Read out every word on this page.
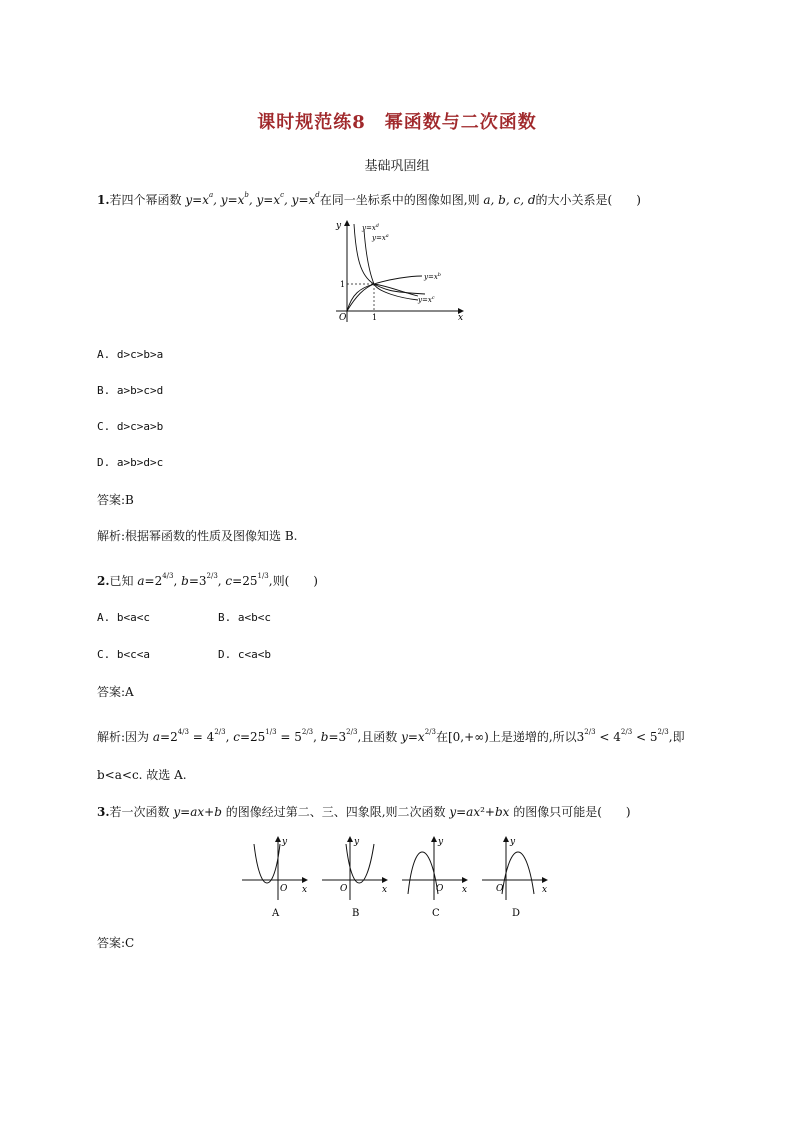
课时规范练8　幂函数与二次函数
基础巩固组
1.若四个幂函数 $y=x^a$, $y=x^b$, $y=x^c$, $y=x^d$在同一坐标系中的图像如图,则 a, b, c, d的大小关系是(　　)
y
x
O	1
1
$y=x^d$
$y=x^a$
$y=x^b$
$y=x^c$
A. d>c>b>a
B. a>b>c>d
C. d>c>a>b
D. a>b>d>c
答案:B
解析:根据幂函数的性质及图像知选 B.
2.已知 $a=2^{4/3}$, $b=3^{2/3}$, $c=25^{1/3}$,则(　　)
A. b<a<c	B. a<b<c
C. b<c<a	D. c<a<b
答案:A
解析:因为 $a=2^{4/3} = 4^{2/3}$, $c=25^{1/3} = 5^{2/3}$, $b=3^{2/3}$,且函数 $y=x^{2/3}$在[0,+∞)上是递增的,所以$3^{2/3} < 4^{2/3} < 5^{2/3}$,即
b<a<c. 故选 A.
3.若一次函数 y=ax+b 的图像经过第二、三、四象限,则二次函数 y=ax²+bx 的图像只可能是(　　)
y
x
O
A
y
x
O
B
y
x
O
C
y
x
O
D
答案:C
